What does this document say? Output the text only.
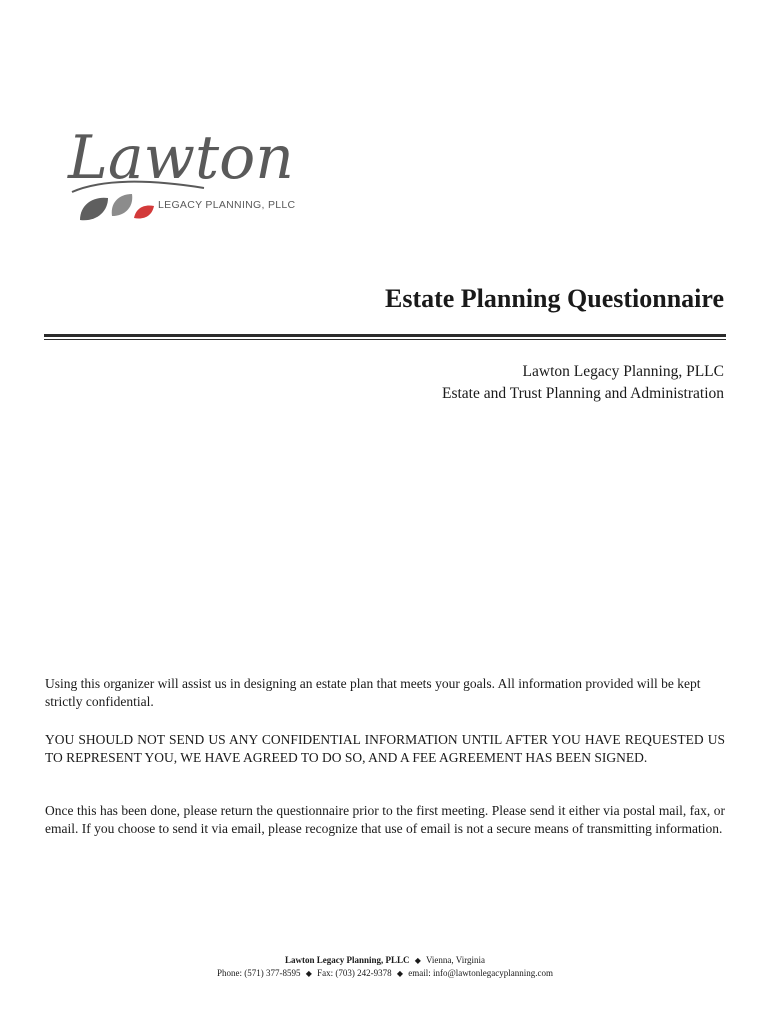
Lawton
LEGACY PLANNING, PLLC
Estate Planning Questionnaire
Lawton Legacy Planning, PLLC
Estate and Trust Planning and Administration

Using this organizer will assist us in designing an estate plan that meets your goals. All information provided will be kept strictly confidential.

YOU SHOULD NOT SEND US ANY CONFIDENTIAL INFORMATION UNTIL AFTER YOU HAVE REQUESTED US TO REPRESENT YOU, WE HAVE AGREED TO DO SO, AND A FEE AGREEMENT HAS BEEN SIGNED.

Once this has been done, please return the questionnaire prior to the first meeting. Please send it either via postal mail, fax, or email. If you choose to send it via email, please recognize that use of email is not a secure means of transmitting information.

Lawton Legacy Planning, PLLC ◆ Vienna, Virginia
Phone: (571) 377-8595 ◆ Fax: (703) 242-9378 ◆ email: info@lawtonlegacyplanning.com
